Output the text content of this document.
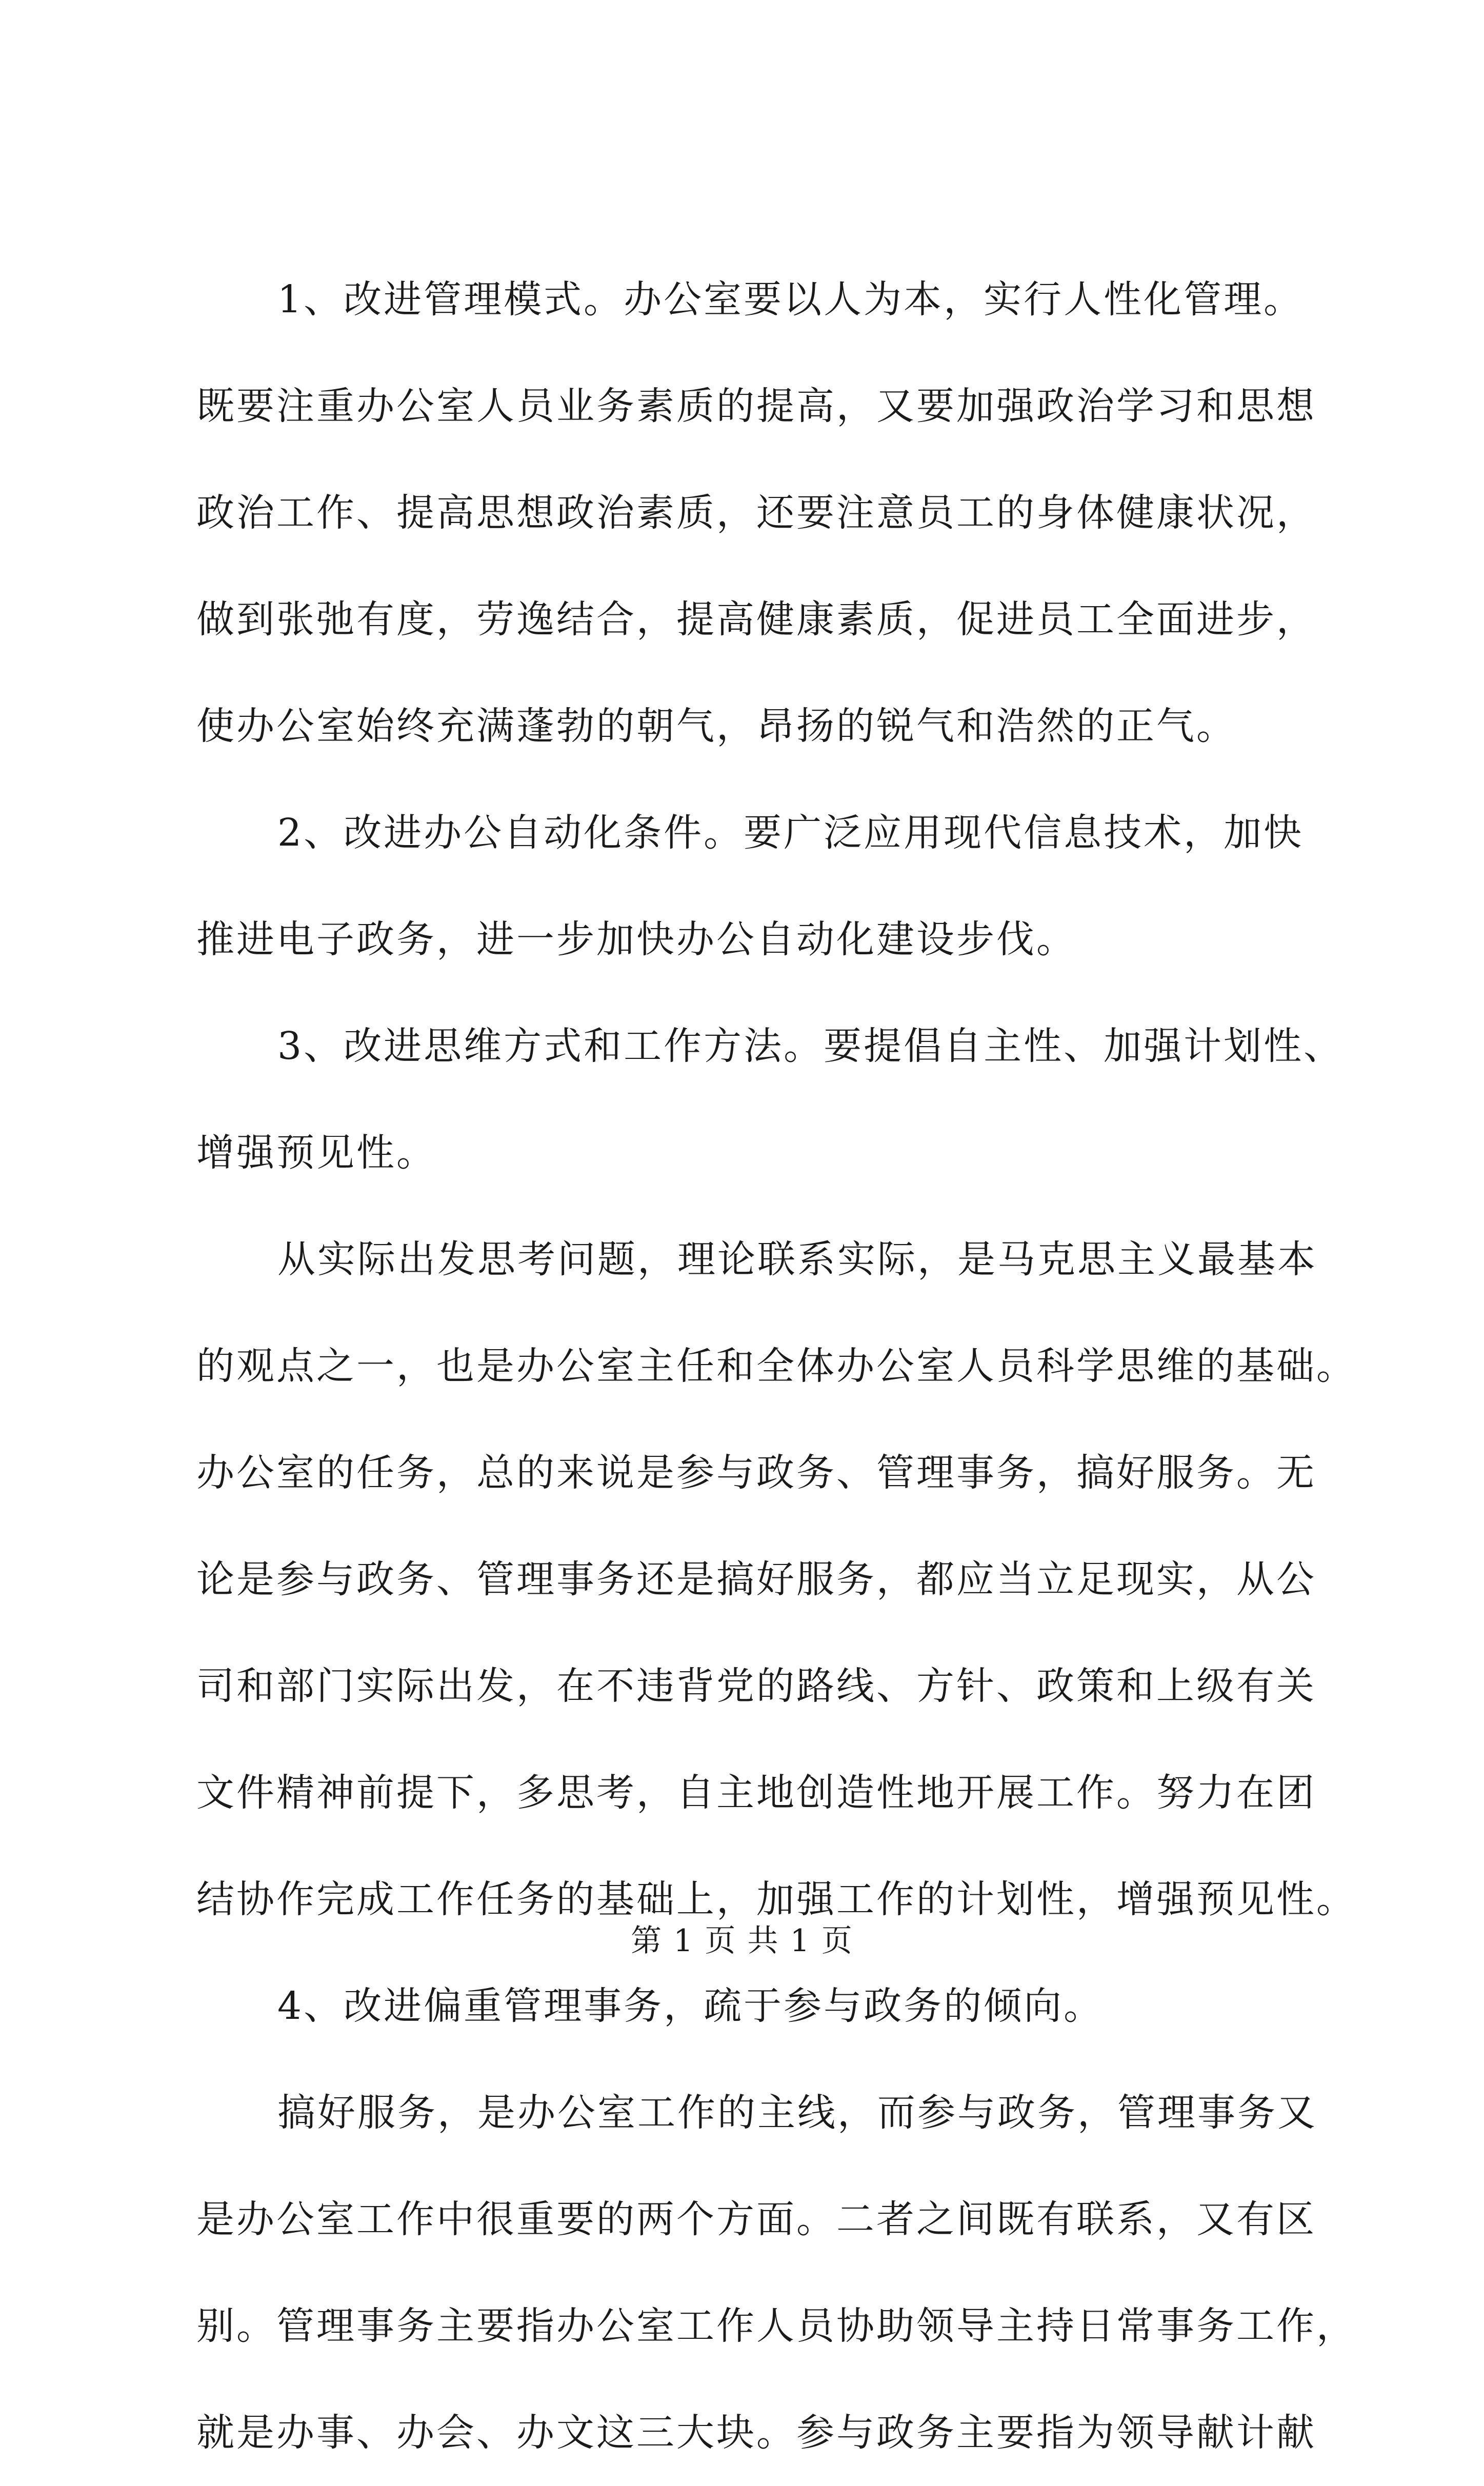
1、改进管理模式。办公室要以人为本，实行人性化管理。
既要注重办公室人员业务素质的提高，又要加强政治学习和思想
政治工作、提高思想政治素质，还要注意员工的身体健康状况，
做到张弛有度，劳逸结合，提高健康素质，促进员工全面进步，
使办公室始终充满蓬勃的朝气，昂扬的锐气和浩然的正气。
2、改进办公自动化条件。要广泛应用现代信息技术，加快
推进电子政务，进一步加快办公自动化建设步伐。
3、改进思维方式和工作方法。要提倡自主性、加强计划性、
增强预见性。
从实际出发思考问题，理论联系实际，是马克思主义最基本
的观点之一，也是办公室主任和全体办公室人员科学思维的基础。
办公室的任务，总的来说是参与政务、管理事务，搞好服务。无
论是参与政务、管理事务还是搞好服务，都应当立足现实，从公
司和部门实际出发，在不违背党的路线、方针、政策和上级有关
文件精神前提下，多思考，自主地创造性地开展工作。努力在团
结协作完成工作任务的基础上，加强工作的计划性，增强预见性。
4、改进偏重管理事务，疏于参与政务的倾向。
搞好服务，是办公室工作的主线，而参与政务，管理事务又
是办公室工作中很重要的两个方面。二者之间既有联系，又有区
别。管理事务主要指办公室工作人员协助领导主持日常事务工作，
就是办事、办会、办文这三大块。参与政务主要指为领导献计献
第 1 页 共 1 页
